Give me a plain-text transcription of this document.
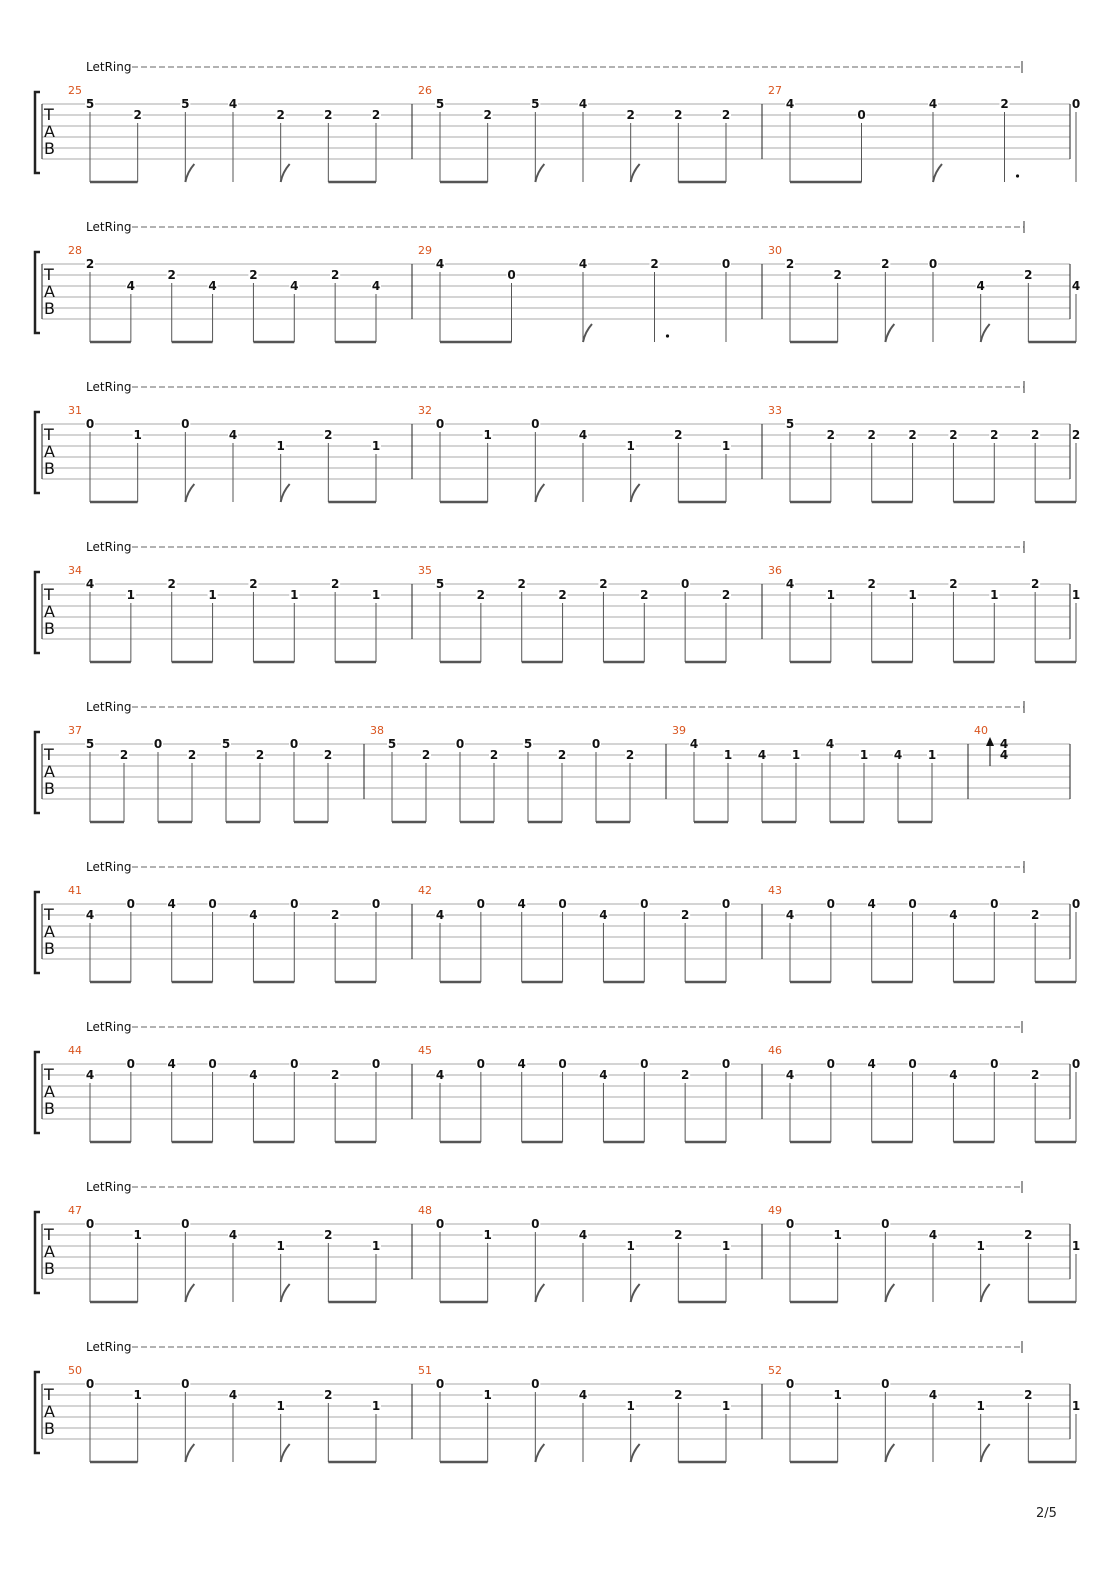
LetRing
T
A
B
25
5
2
5	4
2	2	2
26
5
2
5	4
2	2	2
27
4
0
4	2	0
LetRing
T
A
B
28
2
4
2
4
2
4
2
4
29
4
0
4	2	0
30
2
2
2	0
4
2
4
LetRing
T
A
B
31
0
1
0
4
1
2
1
32
0
1
0
4
1
2
1
33
5
2	2	2	2	2	2	2
LetRing
T
A
B
34
4
1
2
1
2
1
2
1
35
5
2
2
2
2
2
0
2
36
4
1
2
1
2
1
2
1
LetRing
T
A
B
37
5
2
0
2
5
2
0
2
38
5
2
0
2
5
2
0
2
39
4
1 4 1
4
1 4 1
40
4
4
LetRing
T
A
B
41
4
0	4	0
4
0
2
0
42
4
0	4	0
4
0
2
0
43
4
0	4	0
4
0
2
0
LetRing
T
A
B
44
4
0	4	0
4
0
2
0
45
4
0	4	0
4
0
2
0
46
4
0	4	0
4
0
2
0
LetRing
T
A
B
47
0
1
0
4
1
2
1
48
0
1
0
4
1
2
1
49
0
1
0
4
1
2
1
LetRing
T
A
B
50
0
1
0
4
1
2
1
51
0
1
0
4
1
2
1
52
0
1
0
4
1
2
1
2/5
